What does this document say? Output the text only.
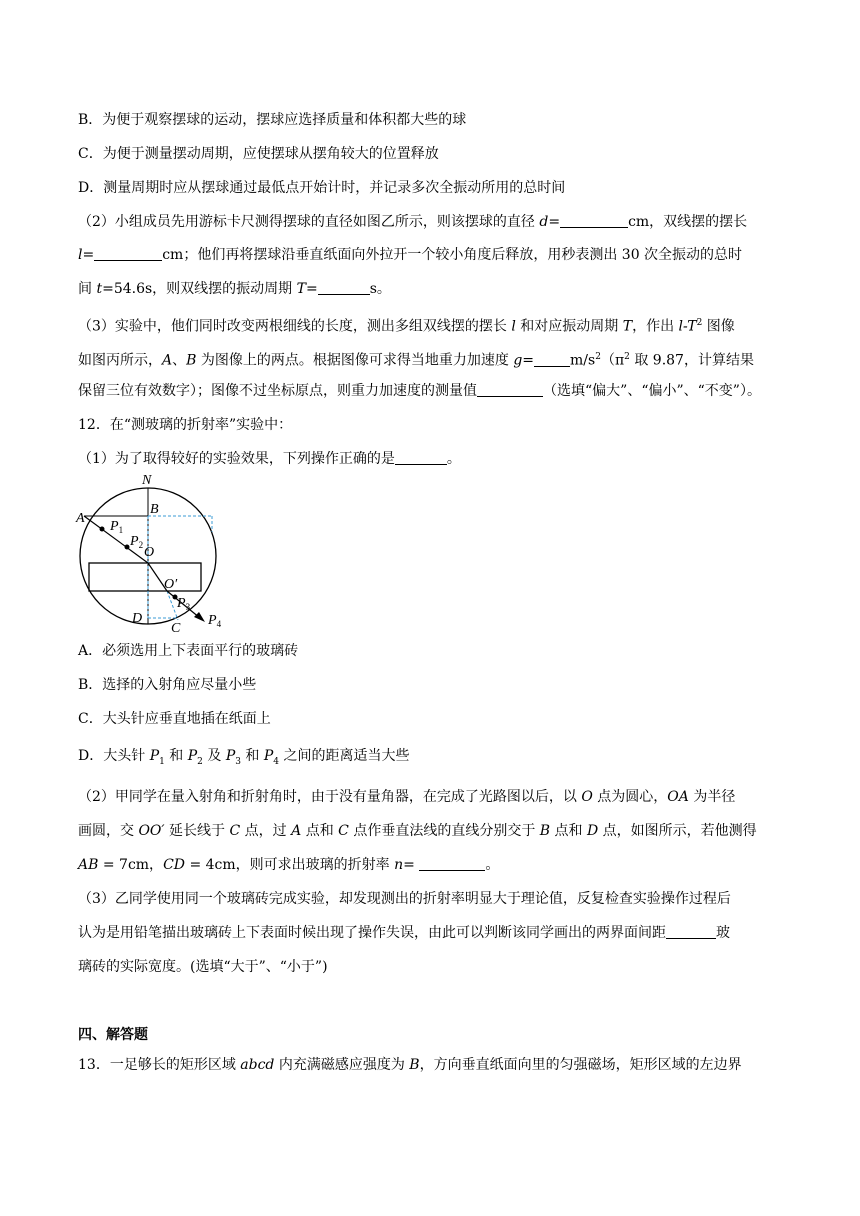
B．为便于观察摆球的运动，摆球应选择质量和体积都大些的球
C．为便于测量摆动周期，应使摆球从摆角较大的位置释放
D．测量周期时应从摆球通过最低点开始计时，并记录多次全振动所用的总时间
（2）小组成员先用游标卡尺测得摆球的直径如图乙所示，则该摆球的直径 d=	cm，双线摆的摆长
l=	cm；他们再将摆球沿垂直纸面向外拉开一个较小角度后释放，用秒表测出 30 次全振动的总时
间 t=54.6s，则双线摆的振动周期 T=	s。
（3）实验中，他们同时改变两根细线的长度，测出多组双线摆的摆长 l 和对应振动周期 T，作出 $l-T^2$ 图像
如图丙所示，A、B 为图像上的两点。根据图像可求得当地重力加速度 g=	$m/s^2(\pi^2$ 取 9.87，计算结果
保留三位有效数字）；图像不过坐标原点，则重力加速度的测量值	（选填“偏大”、“偏小”、“不变”）。
12．在“测玻璃的折射率”实验中：
（1）为了取得较好的实验效果，下列操作正确的是	。
N
A
B
$P_1$
$P_2$ O
O′
$P_3$
$P_4$
D
C
A．必须选用上下表面平行的玻璃砖
B．选择的入射角应尽量小些
C．大头针应垂直地插在纸面上
D．大头针 $P_1$ 和 $P_2$ 及 $P_3$ 和 $P_4$ 之间的距离适当大些
（2）甲同学在量入射角和折射角时，由于没有量角器，在完成了光路图以后，以 O 点为圆心，OA 为半径
画圆，交 OO′ 延长线于 C 点，过 A 点和 C 点作垂直法线的直线分别交于 B 点和 D 点，如图所示，若他测得
AB = 7cm，CD = 4cm，则可求出玻璃的折射率 n=	。
（3）乙同学使用同一个玻璃砖完成实验，却发现测出的折射率明显大于理论值，反复检查实验操作过程后
认为是用铅笔描出玻璃砖上下表面时候出现了操作失误，由此可以判断该同学画出的两界面间距	玻
璃砖的实际宽度。(选填“大于”、“小于”)
四、解答题
13．一足够长的矩形区域 abcd 内充满磁感应强度为 B，方向垂直纸面向里的匀强磁场，矩形区域的左边界
